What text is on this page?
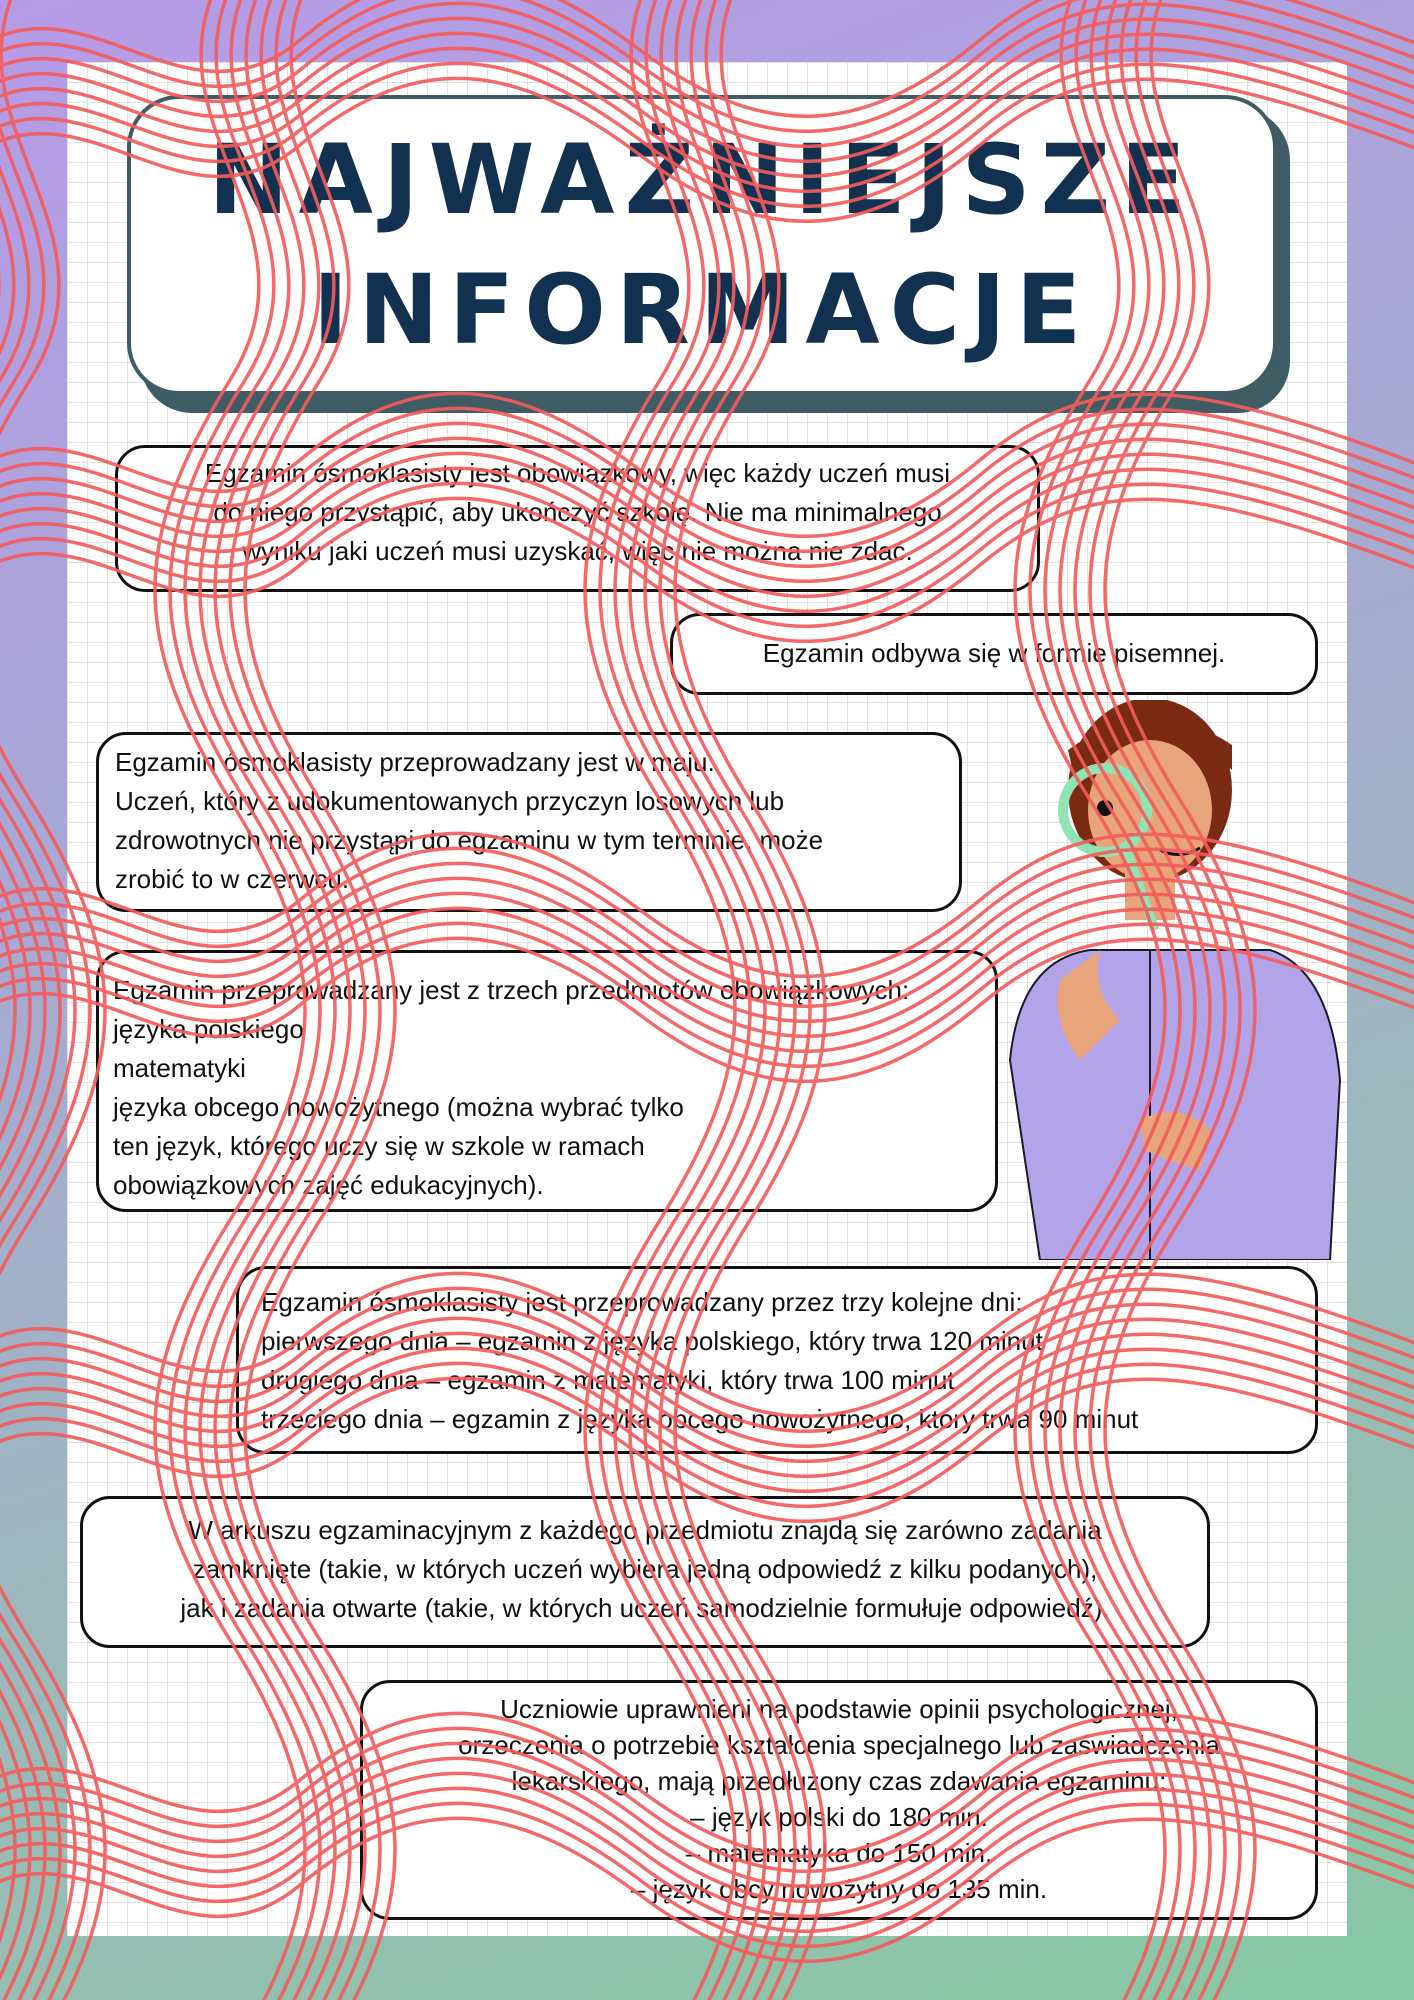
NAJWAŻNIEJSZE
INFORMACJE

Egzamin ósmoklasisty jest obowiązkowy, więc każdy uczeń musi

do niego przystąpić, aby ukończyć szkołę. Nie ma minimalnego

wyniku jaki uczeń musi uzyskać, więc nie można nie zdać.

Egzamin odbywa się w formie pisemnej.

Egzamin ósmoklasisty przeprowadzany jest w maju.

Uczeń, który z udokumentowanych przyczyn losowych lub

zdrowotnych nie przystąpi do egzaminu w tym terminie, może

zrobić to w czerwcu.

Egzamin przeprowadzany jest z trzech przedmiotów obowiązkowych:

języka polskiego

matematyki

języka obcego nowożytnego (można wybrać tylko

ten język, którego uczy się w szkole w ramach

obowiązkowych zajęć edukacyjnych).

Egzamin ósmoklasisty jest przeprowadzany przez trzy kolejne dni:

pierwszego dnia – egzamin z języka polskiego, który trwa 120 minut

drugiego dnia – egzamin z matematyki, który trwa 100 minut

trzeciego dnia – egzamin z języka obcego nowożytnego, który trwa 90 minut

W arkuszu egzaminacyjnym z każdego przedmiotu znajdą się zarówno zadania

zamknięte (takie, w których uczeń wybiera jedną odpowiedź z kilku podanych),

jak i zadania otwarte (takie, w których uczeń samodzielnie formułuje odpowiedź).

Uczniowie uprawnieni na podstawie opinii psychologicznej,

orzeczenia o potrzebie kształcenia specjalnego lub zaświadczenia

lekarskiego, mają przedłużony czas zdawania egzaminu:

– język polski do 180 min.

– matematyka do 150 min.

– język obcy nowożytny do 135 min.
